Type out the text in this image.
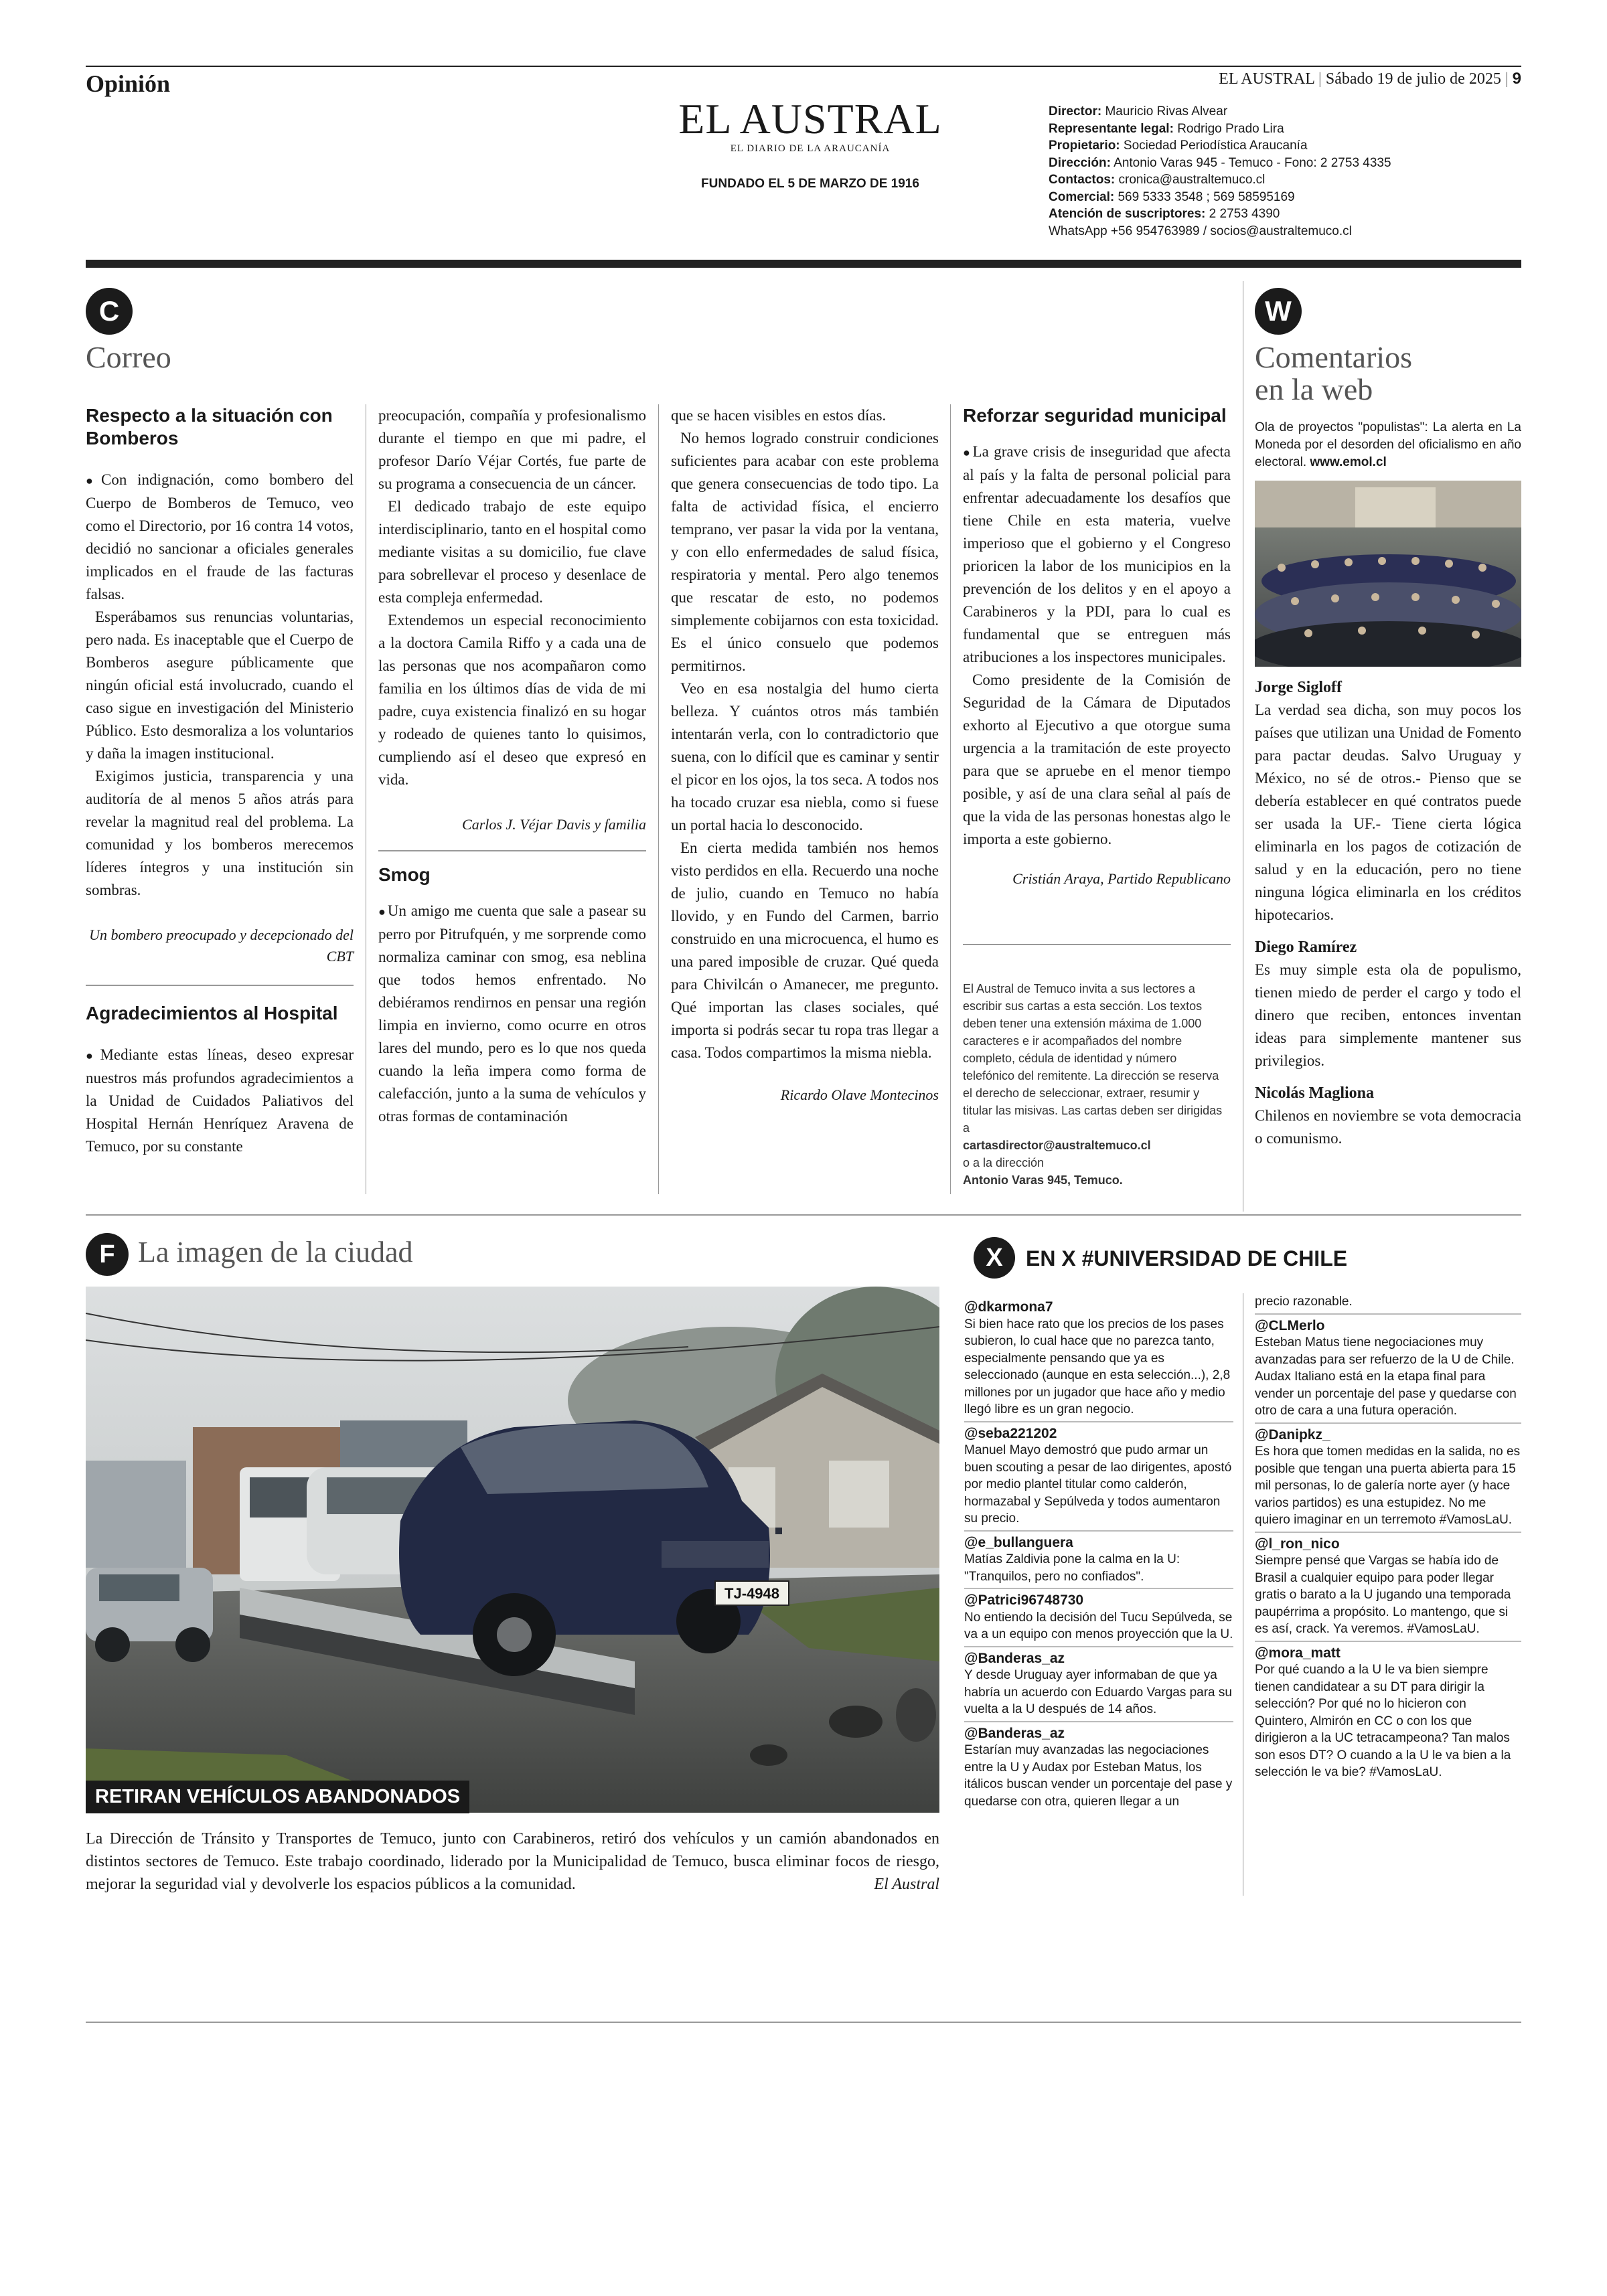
Opinión
EL AUSTRAL
EL DIARIO DE LA ARAUCANÍA
FUNDADO EL 5 DE MARZO DE 1916
EL AUSTRAL | Sábado 19 de julio de 2025 | 9
Director: Mauricio Rivas Alvear
Representante legal: Rodrigo Prado Lira
Propietario: Sociedad Periodística Araucanía
Dirección: Antonio Varas 945 - Temuco - Fono: 2 2753 4335
Contactos: cronica@australtemuco.cl
Comercial: 569 5333 3548 ; 569 58595169
Atención de suscriptores: 2 2753 4390
WhatsApp +56 954763989 / socios@australtemuco.cl
C
Correo
Respecto a la situación con Bomberos

● Con indignación, como bombero del Cuerpo de Bomberos de Temuco, veo como el Directorio, por 16 contra 14 votos, decidió no sancionar a oficiales generales implicados en el fraude de las facturas falsas.

Esperábamos sus renuncias voluntarias, pero nada. Es inaceptable que el Cuerpo de Bomberos asegure públicamente que ningún oficial está involucrado, cuando el caso sigue en investigación del Ministerio Público. Esto desmoraliza a los voluntarios y daña la imagen institucional.

Exigimos justicia, transparencia y una auditoría de al menos 5 años atrás para revelar la magnitud real del problema. La comunidad y los bomberos merecemos líderes íntegros y una institución sin sombras.

Un bombero preocupado y decepcionado del CBT
Agradecimientos al Hospital

● Mediante estas líneas, deseo expresar nuestros más profundos agradecimientos a la Unidad de Cuidados Paliativos del Hospital Hernán Henríquez Aravena de Temuco, por su constante

preocupación, compañía y profesionalismo durante el tiempo en que mi padre, el profesor Darío Véjar Cortés, fue parte de su programa a consecuencia de un cáncer.

El dedicado trabajo de este equipo interdisciplinario, tanto en el hospital como mediante visitas a su domicilio, fue clave para sobrellevar el proceso y desenlace de esta compleja enfermedad.

Extendemos un especial reconocimiento a la doctora Camila Riffo y a cada una de las personas que nos acompañaron como familia en los últimos días de vida de mi padre, cuya existencia finalizó en su hogar y rodeado de quienes tanto lo quisimos, cumpliendo así el deseo que expresó en vida.

Carlos J. Véjar Davis y familia
Smog

● Un amigo me cuenta que sale a pasear su perro por Pitrufquén, y me sorprende como normaliza caminar con smog, esa neblina que todos hemos enfrentado. No debiéramos rendirnos en pensar una región limpia en invierno, como ocurre en otros lares del mundo, pero es lo que nos queda cuando la leña impera como forma de calefacción, junto a la suma de vehículos y otras formas de contaminación

que se hacen visibles en estos días.

No hemos logrado construir condiciones suficientes para acabar con este problema que genera consecuencias de todo tipo. La falta de actividad física, el encierro temprano, ver pasar la vida por la ventana, y con ello enfermedades de salud física, respiratoria y mental. Pero algo tenemos que rescatar de esto, no podemos simplemente cobijarnos con esta toxicidad. Es el único consuelo que podemos permitirnos.

Veo en esa nostalgia del humo cierta belleza. Y cuántos otros más también intentarán verla, con lo contradictorio que suena, con lo difícil que es caminar y sentir el picor en los ojos, la tos seca. A todos nos ha tocado cruzar esa niebla, como si fuese un portal hacia lo desconocido.

En cierta medida también nos hemos visto perdidos en ella. Recuerdo una noche de julio, cuando en Temuco no había llovido, y en Fundo del Carmen, barrio construido en una microcuenca, el humo es una pared imposible de cruzar. Qué queda para Chivilcán o Amanecer, me pregunto. Qué importan las clases sociales, qué importa si podrás secar tu ropa tras llegar a casa. Todos compartimos la misma niebla.

Ricardo Olave Montecinos
Reforzar seguridad municipal

● La grave crisis de inseguridad que afecta al país y la falta de personal policial para enfrentar adecuadamente los desafíos que tiene Chile en esta materia, vuelve imperioso que el gobierno y el Congreso prioricen la labor de los municipios en la prevención de los delitos y en el apoyo a Carabineros y la PDI, para lo cual es fundamental que se entreguen más atribuciones a los inspectores municipales.

Como presidente de la Comisión de Seguridad de la Cámara de Diputados exhorto al Ejecutivo a que otorgue suma urgencia a la tramitación de este proyecto para que se apruebe en el menor tiempo posible, y así de una clara señal al país de que la vida de las personas honestas algo le importa a este gobierno.

Cristián Araya, Partido Republicano
El Austral de Temuco invita a sus lectores a escribir sus cartas a esta sección. Los textos deben tener una extensión máxima de 1.000 caracteres e ir acompañados del nombre completo, cédula de identidad y número telefónico del remitente. La dirección se reserva el derecho de seleccionar, extraer, resumir y titular las misivas. Las cartas deben ser dirigidas a
cartasdirector@australtemuco.cl
o a la dirección
Antonio Varas 945, Temuco.
W
Comentarios
en la web
Ola de proyectos "populistas": La alerta en La Moneda por el desorden del oficialismo en año electoral. www.emol.cl
Jorge Sigloff

La verdad sea dicha, son muy pocos los países que utilizan una Unidad de Fomento para pactar deudas. Salvo Uruguay y México, no sé de otros.- Pienso que se debería establecer en qué contratos puede ser usada la UF.- Tiene cierta lógica eliminarla en los pagos de cotización de salud y en la educación, pero no tiene ninguna lógica eliminarla en los créditos hipotecarios.

Diego Ramírez

Es muy simple esta ola de populismo, tienen miedo de perder el cargo y todo el dinero que reciben, entonces inventan ideas para simplemente mantener sus privilegios.

Nicolás Magliona

Chilenos en noviembre se vota democracia o comunismo.

F La imagen de la ciudad
TJ-4948
RETIRAN VEHÍCULOS ABANDONADOS
La Dirección de Tránsito y Transportes de Temuco, junto con Carabineros, retiró dos vehículos y un camión abandonados en distintos sectores de Temuco. Este trabajo coordinado, liderado por la Municipalidad de Temuco, busca eliminar focos de riesgo, mejorar la seguridad vial y devolverle los espacios públicos a la comunidad.	El Austral
X	EN X #UNIVERSIDAD DE CHILE
@dkarmona7
Si bien hace rato que los precios de los pases subieron, lo cual hace que no parezca tanto, especialmente pensando que ya es seleccionado (aunque en esta selección...), 2,8 millones por un jugador que hace año y medio llegó libre es un gran negocio.
@seba221202
Manuel Mayo demostró que pudo armar un buen scouting a pesar de lao dirigentes, apostó por medio plantel titular como calderón, hormazabal y Sepúlveda y todos aumentaron su precio.
@e_bullanguera
Matías Zaldivia pone la calma en la U: "Tranquilos, pero no confiados".
@Patrici96748730
No entiendo la decisión del Tucu Sepúlveda, se va a un equipo con menos proyección que la U.
@Banderas_az
Y desde Uruguay ayer informaban de que ya habría un acuerdo con Eduardo Vargas para su vuelta a la U después de 14 años.
@Banderas_az
Estarían muy avanzadas las negociaciones entre la U y Audax por Esteban Matus, los itálicos buscan vender un porcentaje del pase y quedarse con otra, quieren llegar a un
precio razonable.
@CLMerlo
Esteban Matus tiene negociaciones muy avanzadas para ser refuerzo de la U de Chile. Audax Italiano está en la etapa final para vender un porcentaje del pase y quedarse con otro de cara a una futura operación.
@Danipkz_
Es hora que tomen medidas en la salida, no es posible que tengan una puerta abierta para 15 mil personas, lo de galería norte ayer (y hace varios partidos) es una estupidez. No me quiero imaginar en un terremoto #VamosLaU.
@l_ron_nico
Siempre pensé que Vargas se había ido de Brasil a cualquier equipo para poder llegar gratis o barato a la U jugando una temporada paupérrima a propósito. Lo mantengo, que si es así, crack. Ya veremos. #VamosLaU.
@mora_matt
Por qué cuando a la U le va bien siempre tienen candidatear a su DT para dirigir la selección? Por qué no lo hicieron con Quintero, Almirón en CC o con los que dirigieron a la UC tetracampeona? Tan malos son esos DT? O cuando a la U le va bien a la selección le va bie? #VamosLaU.
